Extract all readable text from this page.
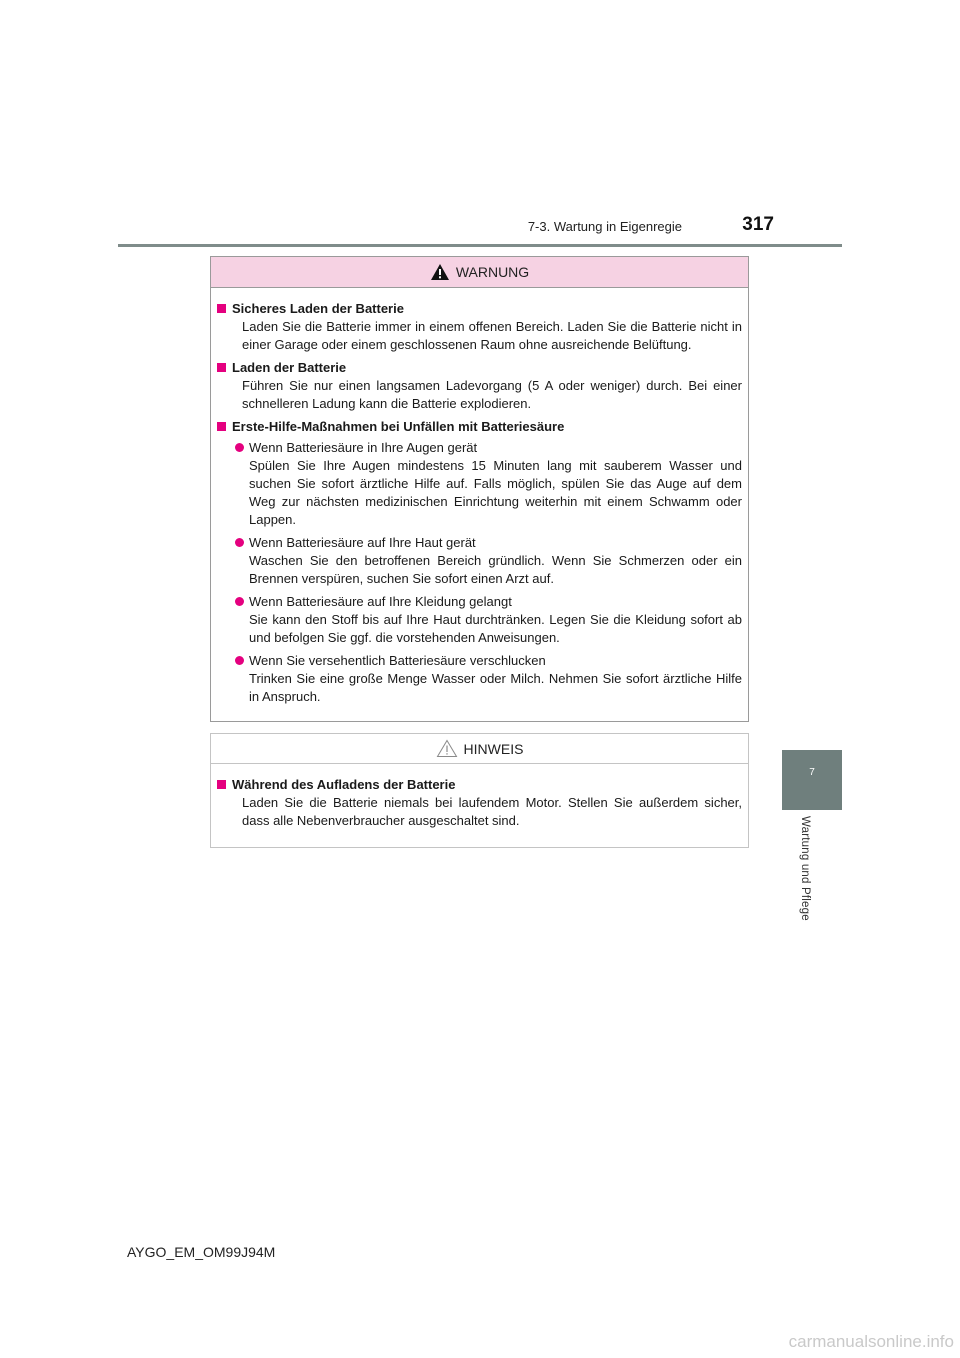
7-3. Wartung in Eigenregie	317
7
Wartung und Pflege
WARNUNG
Sicheres Laden der Batterie
Laden Sie die Batterie immer in einem offenen Bereich. Laden Sie die Batterie nicht in einer Garage oder einem geschlossenen Raum ohne ausreichende Belüftung.
Laden der Batterie
Führen Sie nur einen langsamen Ladevorgang (5 A oder weniger) durch. Bei einer schnelleren Ladung kann die Batterie explodieren.
Erste-Hilfe-Maßnahmen bei Unfällen mit Batteriesäure
Wenn Batteriesäure in Ihre Augen gerät
Spülen Sie Ihre Augen mindestens 15 Minuten lang mit sauberem Wasser und suchen Sie sofort ärztliche Hilfe auf. Falls möglich, spülen Sie das Auge auf dem Weg zur nächsten medizinischen Einrichtung weiterhin mit einem Schwamm oder Lappen.
Wenn Batteriesäure auf Ihre Haut gerät
Waschen Sie den betroffenen Bereich gründlich. Wenn Sie Schmerzen oder ein Brennen verspüren, suchen Sie sofort einen Arzt auf.
Wenn Batteriesäure auf Ihre Kleidung gelangt
Sie kann den Stoff bis auf Ihre Haut durchtränken. Legen Sie die Kleidung sofort ab und befolgen Sie ggf. die vorstehenden Anweisungen.
Wenn Sie versehentlich Batteriesäure verschlucken
Trinken Sie eine große Menge Wasser oder Milch. Nehmen Sie sofort ärztliche Hilfe in Anspruch.
HINWEIS
Während des Aufladens der Batterie
Laden Sie die Batterie niemals bei laufendem Motor. Stellen Sie außerdem sicher, dass alle Nebenverbraucher ausgeschaltet sind.
AYGO_EM_OM99J94M
carmanualsonline.info
